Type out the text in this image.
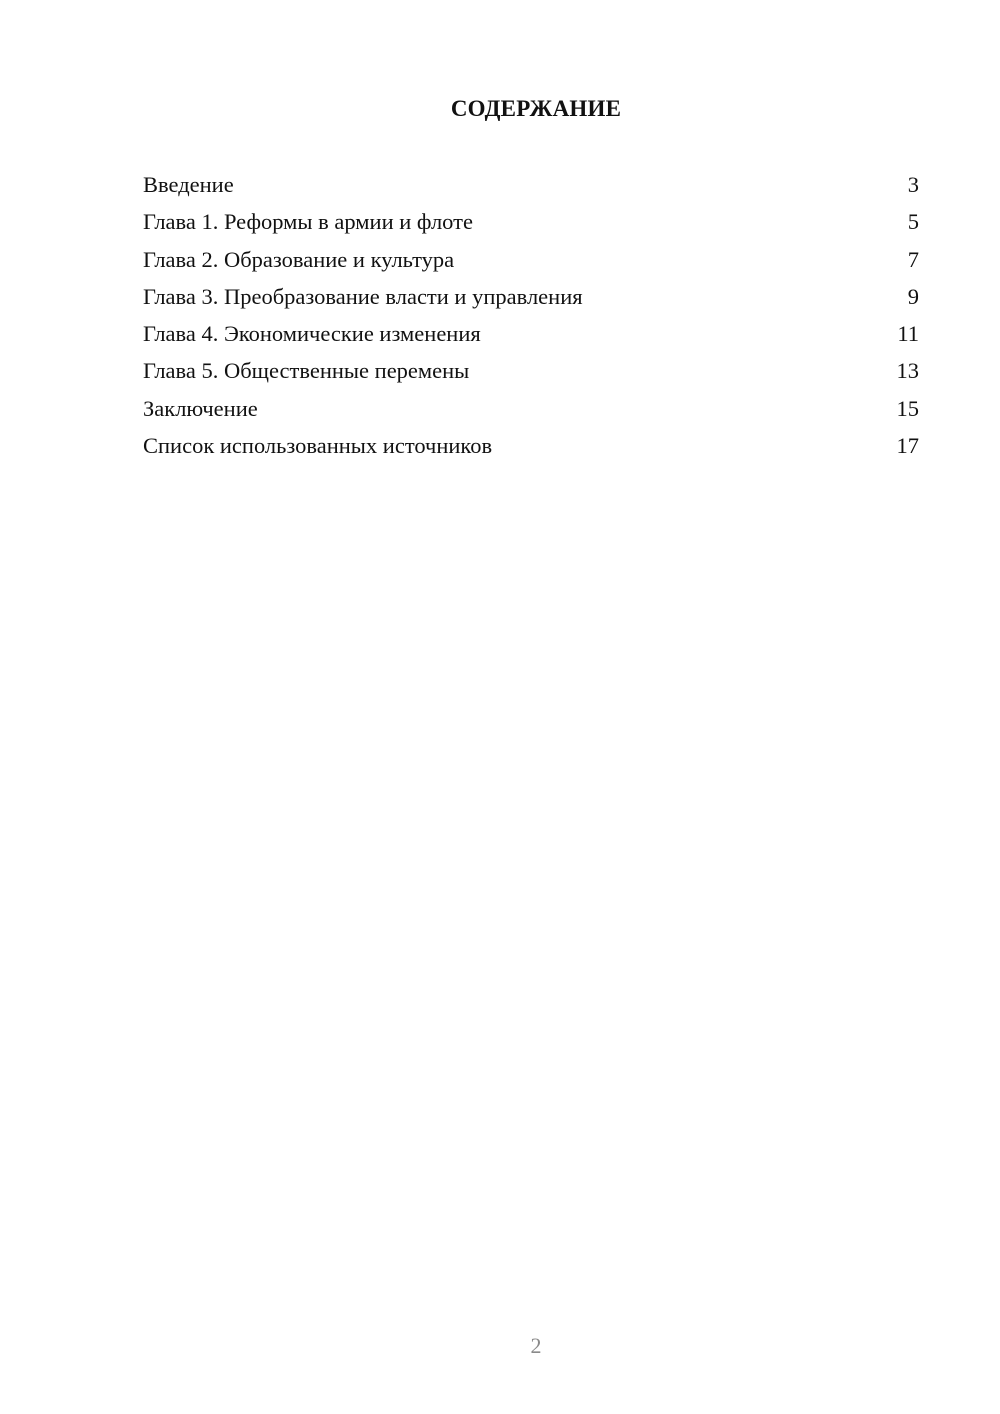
СОДЕРЖАНИЕ
Введение	3
Глава 1. Реформы в армии и флоте	5
Глава 2. Образование и культура	7
Глава 3. Преобразование власти и управления	9
Глава 4. Экономические изменения	11
Глава 5. Общественные перемены	13
Заключение	15
Список использованных источников	17
2
